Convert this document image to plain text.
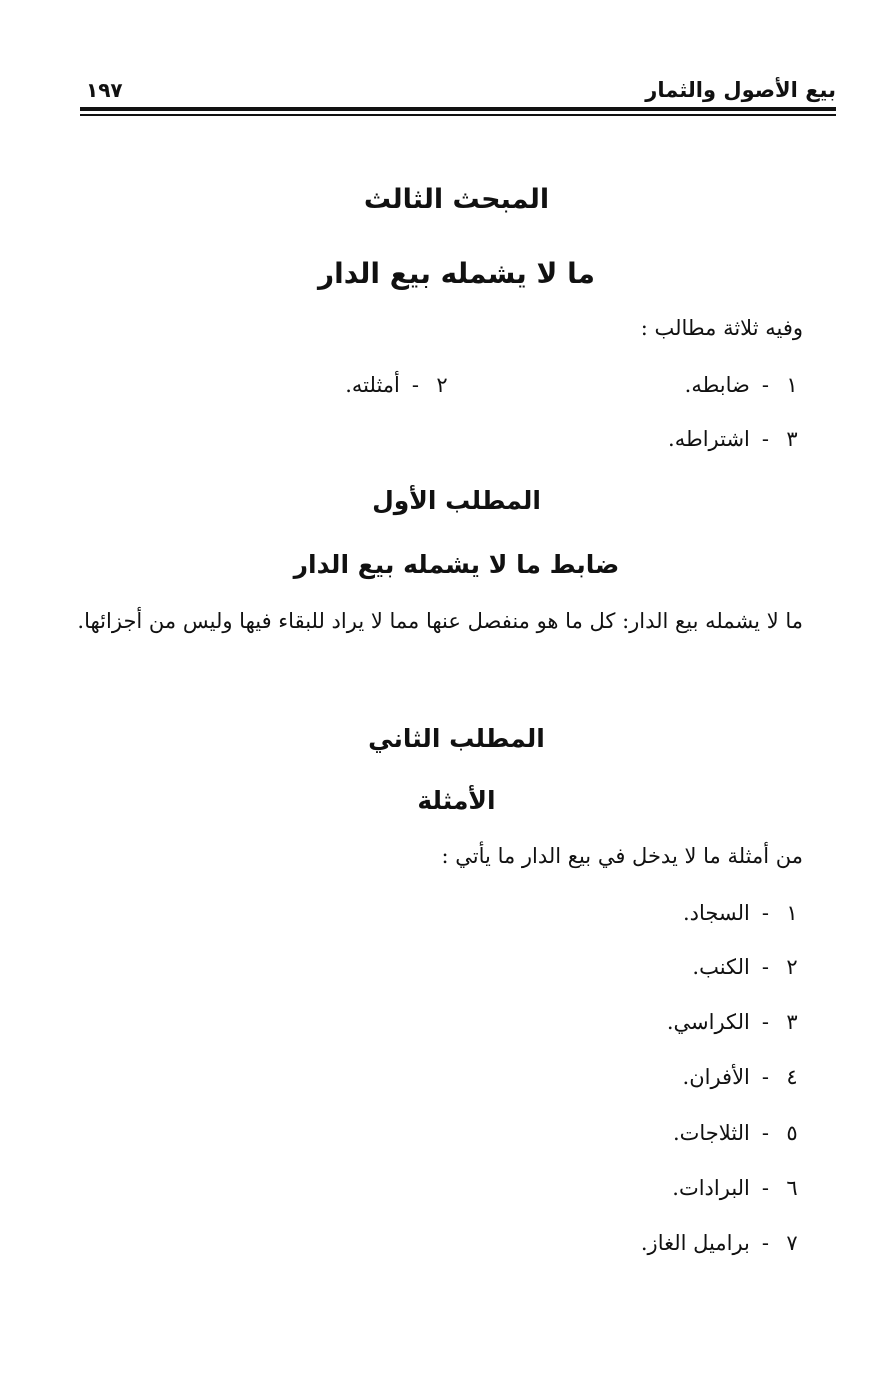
بيع الأصول والثمار
١٩٧
المبحث الثالث
ما لا يشمله بيع الدار
وفيه ثلاثة مطالب :
١
-
ضابطه.
٢
-
أمثلته.
٣
-
اشتراطه.
المطلب الأول
ضابط ما لا يشمله بيع الدار
ما لا يشمله بيع الدار: كل ما هو منفصل عنها مما لا يراد للبقاء فيها وليس من أجزائها.
المطلب الثاني
الأمثلة
من أمثلة ما لا يدخل في بيع الدار ما يأتي :
١
-
السجاد.
٢
-
الكنب.
٣
-
الكراسي.
٤
-
الأفران.
٥
-
الثلاجات.
٦
-
البرادات.
٧
-
براميل الغاز.
